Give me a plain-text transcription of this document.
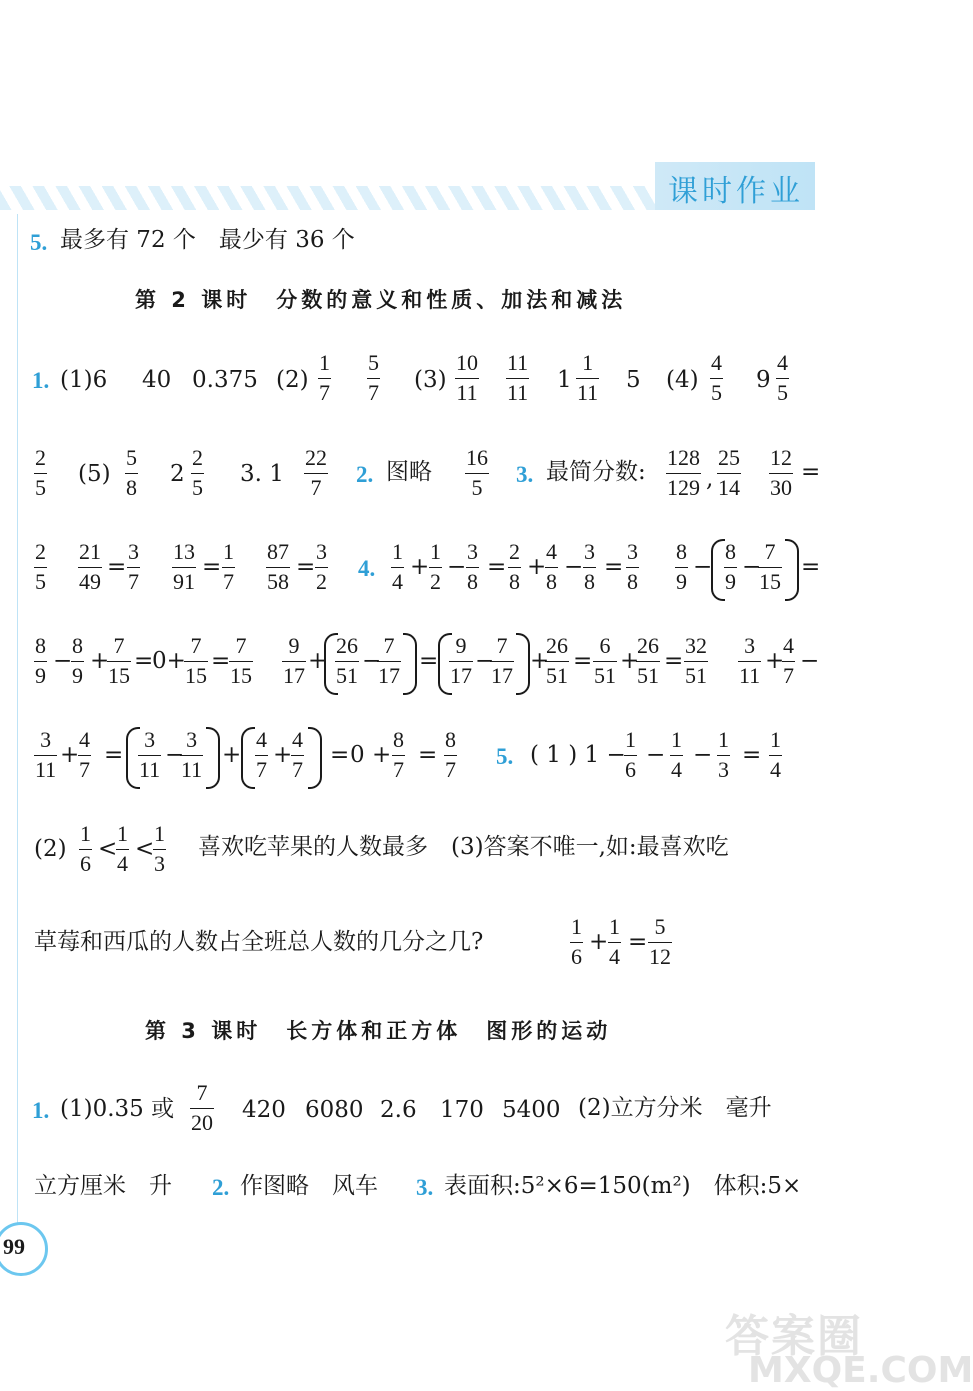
课时作业
5. 最多有 72 个　最少有 36 个
第 2 课时　分数的意义和性质、加法和减法
1. (1)6 40 0.375 (2)
1
7
5
7 (3)
10
11
11
11 1
1
11 5 (4)
4
5 9
4
5
2
5
(5)
5
8
2
2
5
3. 1
22
7
2. 图略
16
5
3. 最简分数:
128
129 ,
25
14
12
30
=
2
5
21
49
=
3
7
13
91
=
1
7
87
58
=
3
2
4.
1
4
+
1
2
−
3
8
=
2
8
+
4
8
−
3
8
=
3
8
8
9
−
8
9
−
7
15
=
8
9
−
8
9
+
7
15
=
0+
7
15
=
7
15
9
17
+
26
51
−
7
17
=
9
17
−
7
17
+
26
51
=
6
51
+
26
51
=
32
51
3
11
+
4
7
−
3
11
+
4
7
=
3
11
−
3
11
+
4
7
+
4
7
= 0 +
8
7
=
8
7
5. ( 1 ) 1 −
1
6
−
1
4
−
1
3
=
1
4
(2)
1
6
<
1
4
<
1
3
喜欢吃苹果的人数最多　(3)答案不唯一,如:最喜欢吃
草莓和西瓜的人数占全班总人数的几分之几?
1
6
+
1
4
=
5
12
第 3 课时　长方体和正方体　图形的运动
1. (1)0.35 或
7
20 420 6080 2.6 170 5400 (2)立方分米　毫升
立方厘米　升 2. 作图略　风车 3. 表面积:5²×6=150(m²)　体积:5×
99
答案圈
MXQE.COM
